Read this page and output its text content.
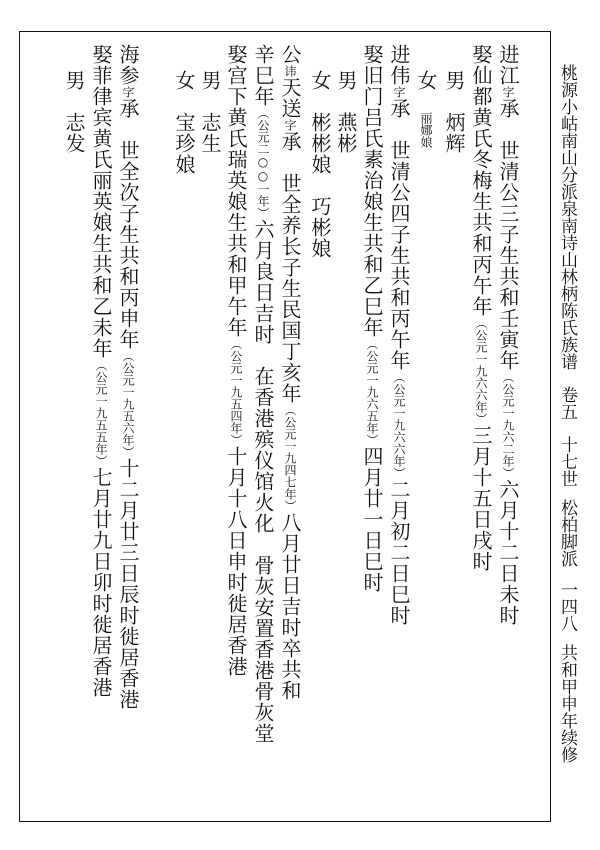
进江字承　世清公三子生共和壬寅年（公元一九六二年）六月十二日未时
娶仙都黄氏冬梅生共和丙午年（公元一九六六年）三月十五日戌时
男　炳辉
女　丽娜娘
进伟字承　世清公四子生共和丙午年（公元一九六六年）二月初二日巳时
娶旧门吕氏素治娘生共和乙巳年（公元一九六五年）四月廿一日巳时
男　燕彬
女　彬彬娘　巧彬娘
公讳天送字承　世全养长子生民国丁亥年（公元一九四七年）八月廿日吉时卒共和
辛巳年（公元二○○一年）六月良日吉时　在香港殡仪馆火化　骨灰安置香港骨灰堂
娶宫下黄氏瑞英娘生共和甲午年（公元一九五四年）十月十八日申时徙居香港
男　志生
女　宝珍娘
海参字承　世全次子生共和丙申年（公元一九五六年）十二月廿三日辰时徙居香港
娶菲律宾黄氏丽英娘生共和乙未年（公元一九五五年）七月廿九日卯时徙居香港
男　志发	桃源小岵南山分派泉南诗山林柄陈氏族谱卷五十七世松柏脚派一四八共和甲申年续修
